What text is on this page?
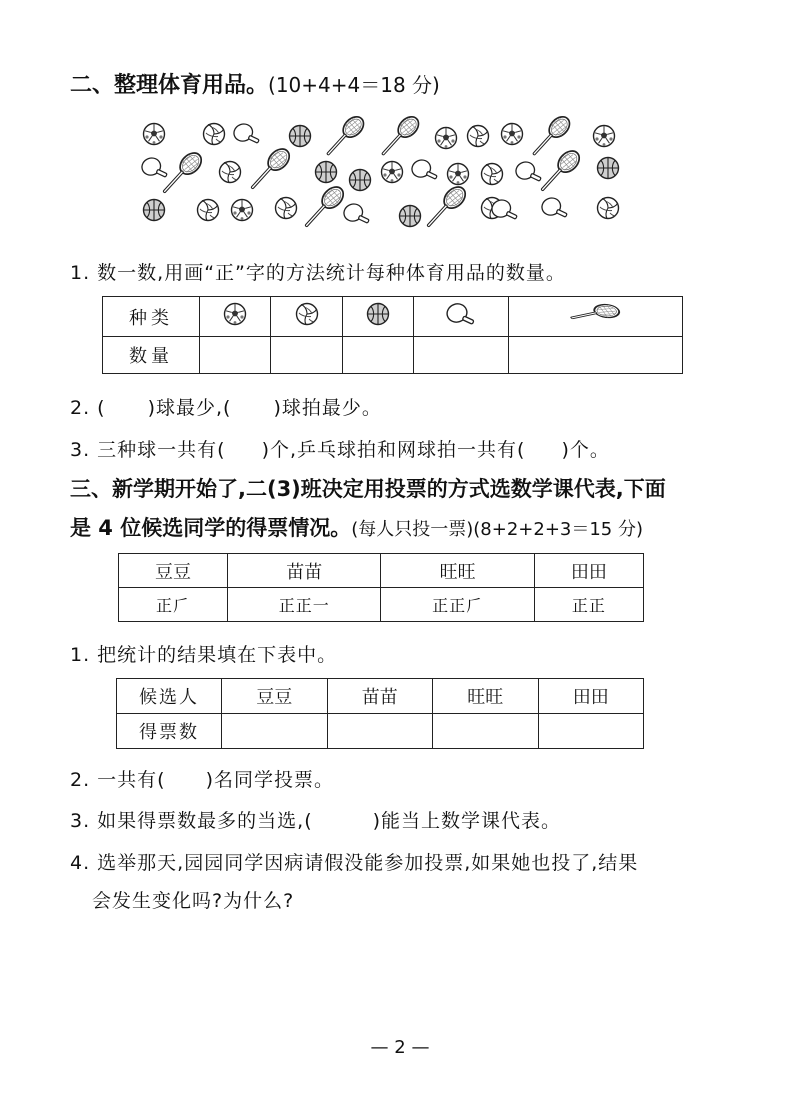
二、整理体育用品。(10+4+4＝18 分)
1. 数一数,用画“正”字的方法统计每种体育用品的数量。
种类					
数量					
2. ( )球最少,( )球拍最少。
3. 三种球一共有( )个,乒乓球拍和网球拍一共有( )个。
三、新学期开始了,二(3)班决定用投票的方式选数学课代表,下面
是 4 位候选同学的得票情况。(每人只投一票)(8+2+2+3＝15 分)
豆豆	苗苗	旺旺	田田
正𠂆	正正一	正正𠂆	正正
1. 把统计的结果填在下表中。
候选人	豆豆	苗苗	旺旺	田田
得票数				
2. 一共有( )名同学投票。
3. 如果得票数最多的当选,(	)能当上数学课代表。
4. 选举那天,园园同学因病请假没能参加投票,如果她也投了,结果
会发生变化吗?为什么?
— 2 —
